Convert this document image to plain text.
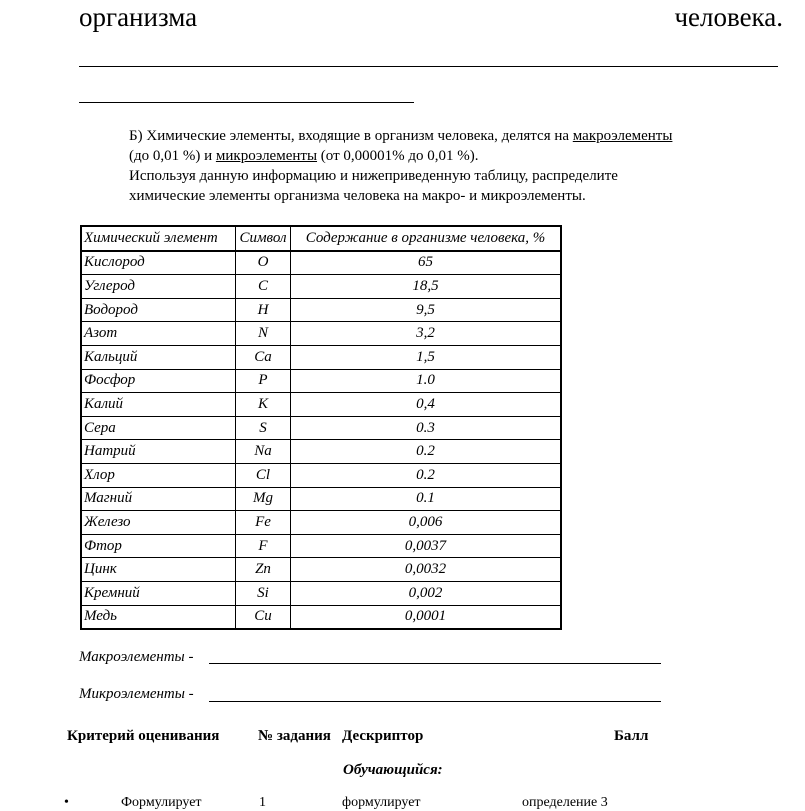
организма	человека.
Б) Химические элементы, входящие в организм человека, делятся на макроэлементы
(до 0,01 %) и микроэлементы (от 0,00001% до 0,01 %).
Используя данную информацию и нижеприведенную таблицу, распределите
химические элементы организма человека на макро- и микроэлементы.
Химический элемент	Символ	Содержание в организме человека, %
Кислород	O	65
Углерод	C	18,5
Водород	H	9,5
Азот	N	3,2
Кальций	Ca	1,5
Фосфор	P	1.0
Калий	K	0,4
Сера	S	0.3
Натрий	Na	0.2
Хлор	Cl	0.2
Магний	Mg	0.1
Железо	Fe	0,006
Фтор	F	0,0037
Цинк	Zn	0,0032
Кремний	Si	0,002
Медь	Cu	0,0001
Макроэлементы -
Микроэлементы -
Критерий оценивания	№ задания Дескриптор	Балл
Обучающийся:
•	Формулирует	1	формулирует	определение 3
